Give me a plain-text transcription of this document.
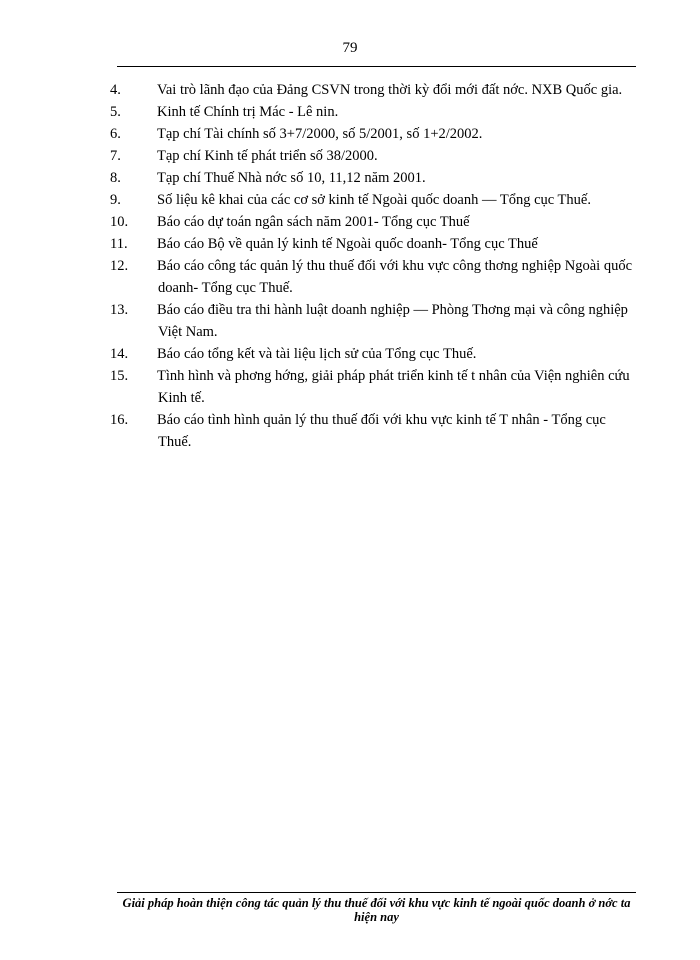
79
4. Vai trò lãnh đạo của Đảng CSVN trong thời kỳ đổi mới đất nớc. NXB Quốc gia.
5. Kinh tế Chính trị Mác - Lê nin.
6. Tạp chí Tài chính số 3+7/2000, số 5/2001, số 1+2/2002.
7. Tạp chí Kinh tế phát triển số 38/2000.
8. Tạp chí Thuế Nhà nớc số 10, 11,12 năm 2001.
9. Số liệu kê khai của các cơ sở kinh tế Ngoài quốc doanh — Tổng cục Thuế.
10. Báo cáo dự toán ngân sách năm 2001- Tổng cục Thuế
11. Báo cáo Bộ về quản lý kinh tế Ngoài quốc doanh- Tổng cục Thuế
12. Báo cáo công tác quản lý thu thuế đối với khu vực công thơng nghiệp Ngoài quốc doanh- Tổng cục Thuế.
13. Báo cáo điều tra thi hành luật doanh nghiệp — Phòng Thơng mại và công nghiệp Việt Nam.
14. Báo cáo tổng kết và tài liệu lịch sử của Tổng cục Thuế.
15. Tình hình và phơng hớng, giải pháp phát triển kinh tế t nhân của Viện nghiên cứu Kinh tế.
16. Báo cáo tình hình quản lý thu thuế đối với khu vực kinh tế T nhân - Tổng cục Thuế.
Giải pháp hoàn thiện công tác quản lý thu thuế đối với khu vực kinh tế ngoài quốc doanh ở nớc ta hiện nay
